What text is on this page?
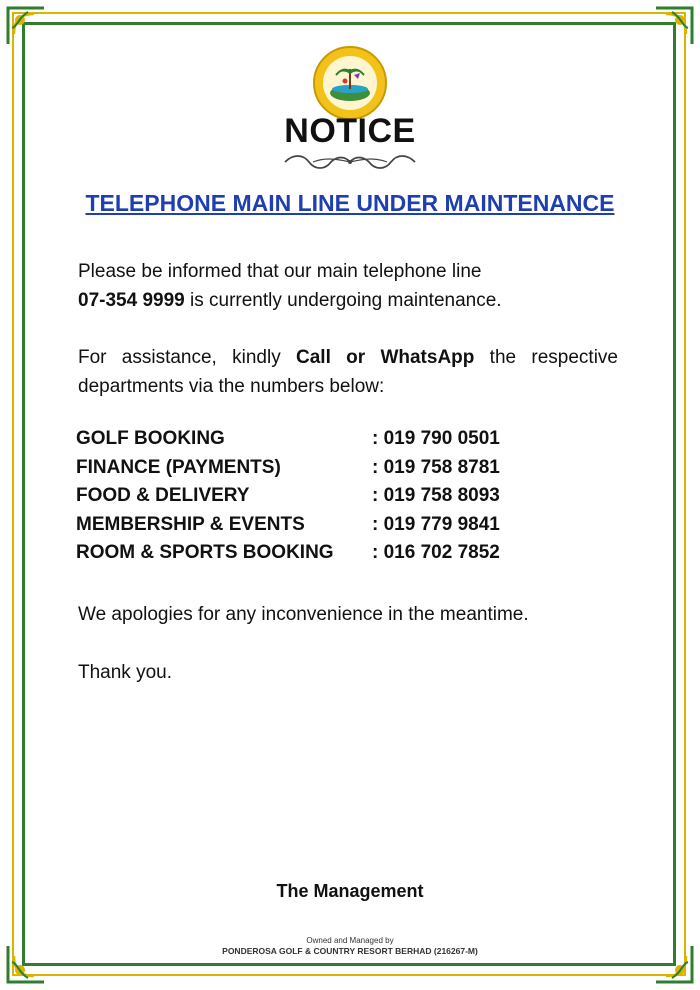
NOTICE
TELEPHONE MAIN LINE UNDER MAINTENANCE
Please be informed that our main telephone line
07-354 9999 is currently undergoing maintenance.
For assistance, kindly Call or WhatsApp the respective departments via the numbers below:
GOLF BOOKING	: 019 790 0501
FINANCE (PAYMENTS)	: 019 758 8781
FOOD & DELIVERY	: 019 758 8093
MEMBERSHIP & EVENTS	: 019 779 9841
ROOM & SPORTS BOOKING	: 016 702 7852
We apologies for any inconvenience in the meantime.
Thank you.
The Management
Owned and Managed by
PONDEROSA GOLF & COUNTRY RESORT BERHAD (216267-M)
